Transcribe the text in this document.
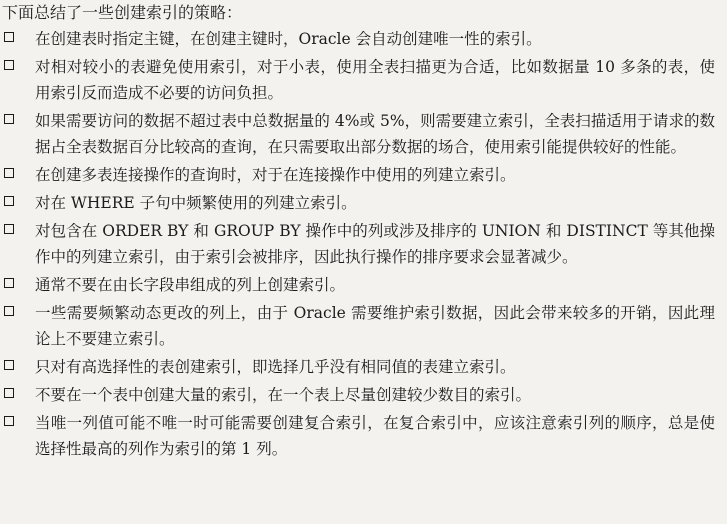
下面总结了一些创建索引的策略：
在创建表时指定主键，在创建主键时，Oracle 会自动创建唯一性的索引。
对相对较小的表避免使用索引，对于小表，使用全表扫描更为合适，比如数据量 10 多条的表，使用索引反而造成不必要的访问负担。
如果需要访问的数据不超过表中总数据量的 4%或 5%，则需要建立索引，全表扫描适用于请求的数据占全表数据百分比较高的查询，在只需要取出部分数据的场合，使用索引能提供较好的性能。
在创建多表连接操作的查询时，对于在连接操作中使用的列建立索引。
对在 WHERE 子句中频繁使用的列建立索引。
对包含在 ORDER BY 和 GROUP BY 操作中的列或涉及排序的 UNION 和 DISTINCT 等其他操作中的列建立索引，由于索引会被排序，因此执行操作的排序要求会显著减少。
通常不要在由长字段串组成的列上创建索引。
一些需要频繁动态更改的列上，由于 Oracle 需要维护索引数据，因此会带来较多的开销，因此理论上不要建立索引。
只对有高选择性的表创建索引，即选择几乎没有相同值的表建立索引。
不要在一个表中创建大量的索引，在一个表上尽量创建较少数目的索引。
当唯一列值可能不唯一时可能需要创建复合索引，在复合索引中，应该注意索引列的顺序，总是使选择性最高的列作为索引的第 1 列。
